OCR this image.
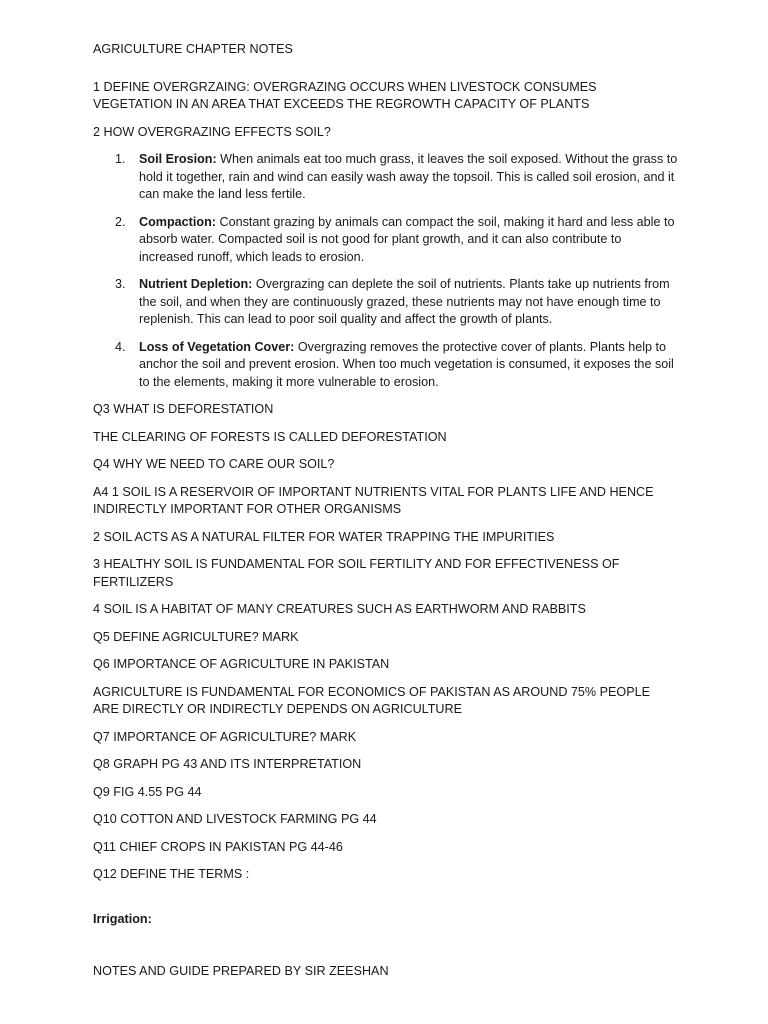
AGRICULTURE CHAPTER NOTES

1 DEFINE OVERGRZAING: OVERGRAZING OCCURS WHEN LIVESTOCK CONSUMES VEGETATION IN AN AREA THAT EXCEEDS THE REGROWTH CAPACITY OF PLANTS

2 HOW OVERGRAZING EFFECTS SOIL?

1. Soil Erosion: When animals eat too much grass, it leaves the soil exposed. Without the grass to hold it together, rain and wind can easily wash away the topsoil. This is called soil erosion, and it can make the land less fertile.
2. Compaction: Constant grazing by animals can compact the soil, making it hard and less able to absorb water. Compacted soil is not good for plant growth, and it can also contribute to increased runoff, which leads to erosion.
3. Nutrient Depletion: Overgrazing can deplete the soil of nutrients. Plants take up nutrients from the soil, and when they are continuously grazed, these nutrients may not have enough time to replenish. This can lead to poor soil quality and affect the growth of plants.
4. Loss of Vegetation Cover: Overgrazing removes the protective cover of plants. Plants help to anchor the soil and prevent erosion. When too much vegetation is consumed, it exposes the soil to the elements, making it more vulnerable to erosion.

Q3 WHAT IS DEFORESTATION

THE CLEARING OF FORESTS IS CALLED DEFORESTATION

Q4 WHY WE NEED TO CARE OUR SOIL?

A4 1 SOIL IS A RESERVOIR OF IMPORTANT NUTRIENTS VITAL FOR PLANTS LIFE AND HENCE INDIRECTLY IMPORTANT FOR OTHER ORGANISMS

2 SOIL ACTS AS A NATURAL FILTER FOR WATER TRAPPING THE IMPURITIES

3 HEALTHY SOIL IS FUNDAMENTAL FOR SOIL FERTILITY AND FOR EFFECTIVENESS OF FERTILIZERS

4 SOIL IS A HABITAT OF MANY CREATURES SUCH AS EARTHWORM AND RABBITS

Q5 DEFINE AGRICULTURE? MARK

Q6 IMPORTANCE OF AGRICULTURE IN PAKISTAN

AGRICULTURE IS FUNDAMENTAL FOR ECONOMICS OF PAKISTAN AS AROUND 75% PEOPLE ARE DIRECTLY OR INDIRECTLY DEPENDS ON AGRICULTURE

Q7 IMPORTANCE OF AGRICULTURE? MARK

Q8 GRAPH PG 43 AND ITS INTERPRETATION

Q9 FIG 4.55 PG 44

Q10 COTTON AND LIVESTOCK FARMING PG 44

Q11 CHIEF CROPS IN PAKISTAN PG 44-46

Q12 DEFINE THE TERMS :

Irrigation:

NOTES AND GUIDE PREPARED BY SIR ZEESHAN
